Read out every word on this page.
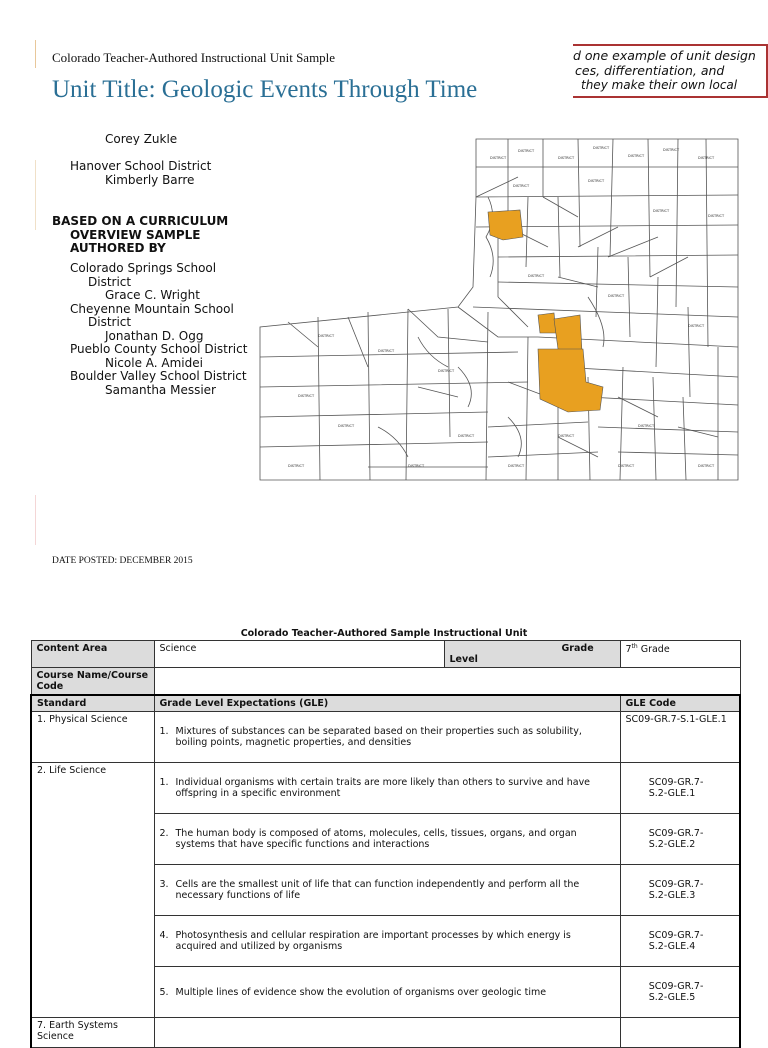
Colorado Teacher-Authored Instructional Unit Sample	d one example of unit design

ces, differentiation, and

they make their own local

Unit Title: Geologic Events Through Time
Corey Zukle
Hanover School District
Kimberly Barre
BASED ON A CURRICULUM
OVERVIEW SAMPLE
AUTHORED BY
Colorado Springs School
District
Grace C. Wright
Cheyenne Mountain School
District
Jonathan D. Ogg
Pueblo County School District
Nicole A. Amidei
Boulder Valley School District
Samantha Messier
DISTRICT
DISTRICT
DISTRICT
DISTRICT
DISTRICT
DISTRICT
DISTRICT
DISTRICT
DISTRICT
DISTRICT
DISTRICT
DISTRICT
DISTRICT
DISTRICT
DISTRICT
DISTRICT
DISTRICT
DISTRICT
DISTRICT
DISTRICT	DISTRICT
DISTRICT
DISTRICT
DISTRICT	DISTRICT	DISTRICT	DISTRICT
DATE POSTED: DECEMBER 2015
Colorado Teacher-Authored Sample Instructional Unit
Content Area	Science	Grade Level	7th Grade
Course Name/Course Code			
Standard	Grade Level Expectations (GLE)		GLE Code
1. Physical Science	1. Mixtures of substances can be separated based on their properties such as solubility, boiling points, magnetic properties, and densities		SC09-GR.7-S.1-GLE.1
2. Life Science	1. Individual organisms with certain traits are more likely than others to survive and have offspring in a specific environment		SC09-GR.7-S.2-GLE.1

	2. The human body is composed of atoms, molecules, cells, tissues, organs, and organ systems that have specific functions and interactions		SC09-GR.7-S.2-GLE.2

	3. Cells are the smallest unit of life that can function independently and perform all the necessary functions of life		SC09-GR.7-S.2-GLE.3

	4. Photosynthesis and cellular respiration are important processes by which energy is acquired and utilized by organisms		SC09-GR.7-S.2-GLE.4

	5. Multiple lines of evidence show the evolution of organisms over geologic time		SC09-GR.7-S.2-GLE.5
7. Earth Systems Science			
